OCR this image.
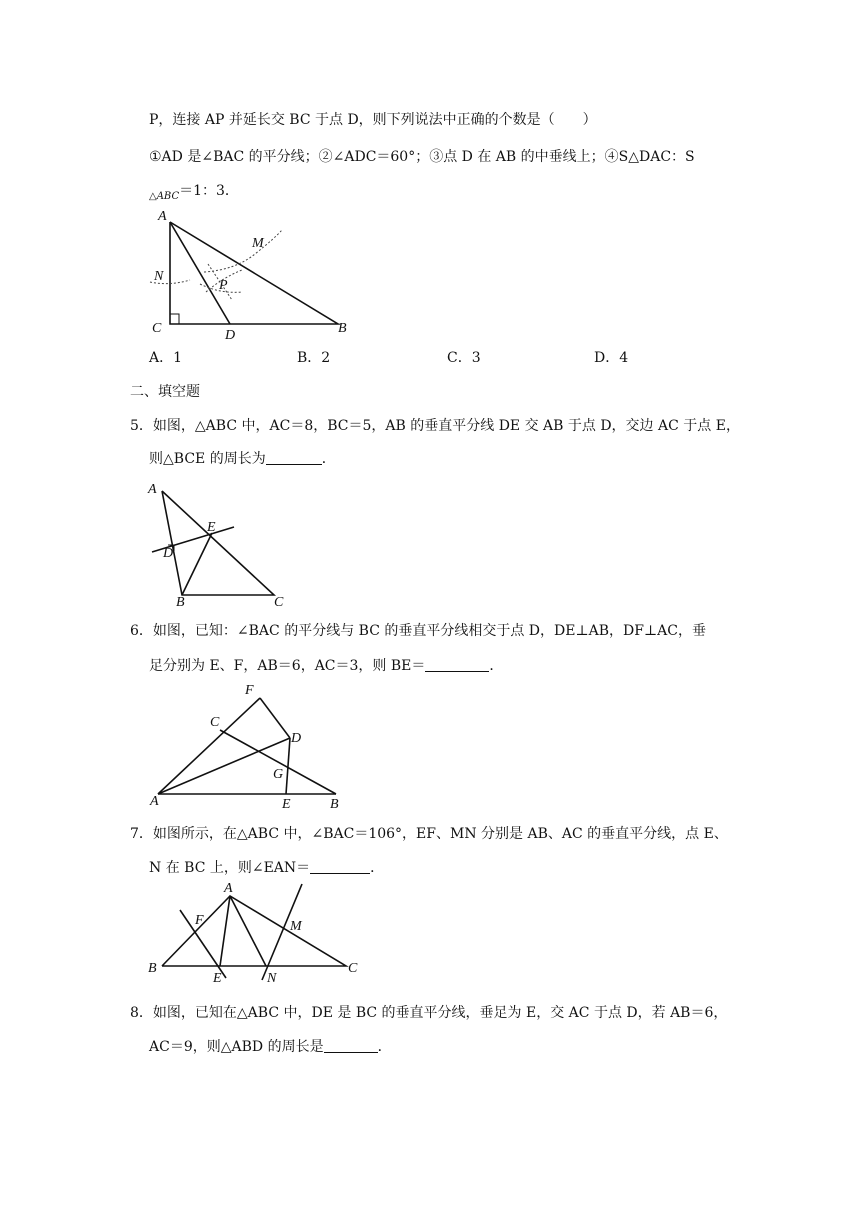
P，连接 AP 并延长交 BC 于点 D，则下列说法中正确的个数是（　　）
①AD 是∠BAC 的平分线；②∠ADC＝60°；③点 D 在 AB 的中垂线上；④S△DAC：S
$_{\triangle ABC}$＝1：3．
A
M
N
P
C	D	B
A．1	B．2	C．3	D．4
二、填空题
5．如图，△ABC 中，AC＝8，BC＝5，AB 的垂直平分线 DE 交 AB 于点 D，交边 AC 于点 E，
则△BCE 的周长为	．
A
E
D
B	C
6．如图，已知：∠BAC 的平分线与 BC 的垂直平分线相交于点 D，DE⊥AB，DF⊥AC，垂
足分别为 E、F，AB＝6，AC＝3，则 BE＝	．
F
C
D
G
A	E	B
7．如图所示，在△ABC 中，∠BAC＝106°，EF、MN 分别是 AB、AC 的垂直平分线，点 E、
N 在 BC 上，则∠EAN＝	．
A
F	M
B
E	N
C
8．如图，已知在△ABC 中，DE 是 BC 的垂直平分线，垂足为 E，交 AC 于点 D，若 AB＝6，
AC＝9，则△ABD 的周长是	．
